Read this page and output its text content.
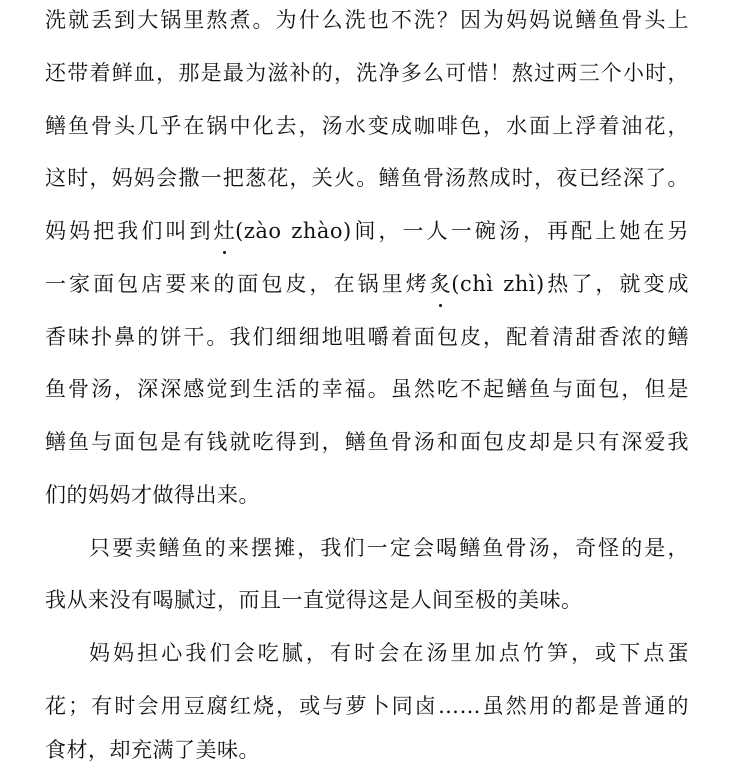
洗就丢到大锅里熬煮。为什么洗也不洗？因为妈妈说鳝鱼骨头上
还带着鲜血，那是最为滋补的，洗净多么可惜！熬过两三个小时，
鳝鱼骨头几乎在锅中化去，汤水变成咖啡色，水面上浮着油花，
这时，妈妈会撒一把葱花，关火。鳝鱼骨汤熬成时，夜已经深了。
妈妈把我们叫到灶(zào zhào)间，一人一碗汤，再配上她在另
一家面包店要来的面包皮，在锅里烤炙(chì zhì)热了，就变成
香味扑鼻的饼干。我们细细地咀嚼着面包皮，配着清甜香浓的鳝
鱼骨汤，深深感觉到生活的幸福。虽然吃不起鳝鱼与面包，但是
鳝鱼与面包是有钱就吃得到，鳝鱼骨汤和面包皮却是只有深爱我
们的妈妈才做得出来。
只要卖鳝鱼的来摆摊，我们一定会喝鳝鱼骨汤，奇怪的是，
我从来没有喝腻过，而且一直觉得这是人间至极的美味。
妈妈担心我们会吃腻，有时会在汤里加点竹笋，或下点蛋
花；有时会用豆腐红烧，或与萝卜同卤……虽然用的都是普通的
食材，却充满了美味。
